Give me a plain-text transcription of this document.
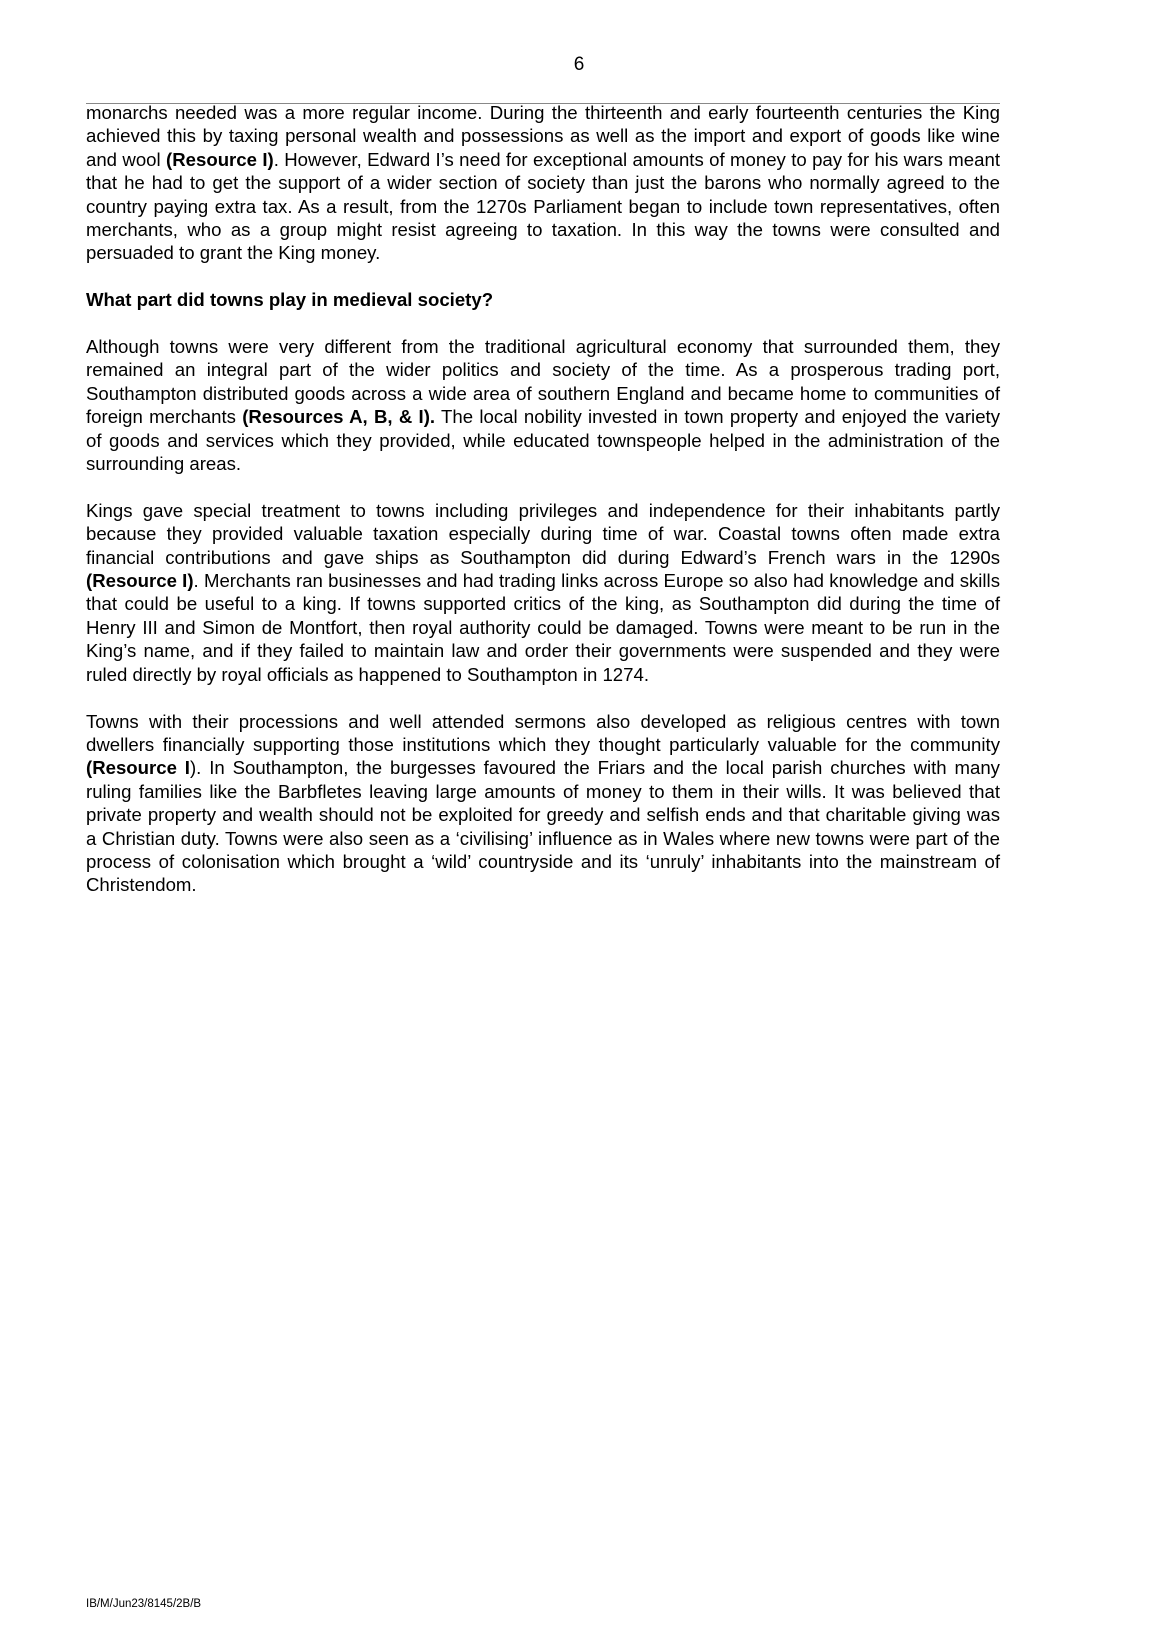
6

monarchs needed was a more regular income. During the thirteenth and early fourteenth centuries the King achieved this by taxing personal wealth and possessions as well as the import and export of goods like wine and wool (Resource I). However, Edward I’s need for exceptional amounts of money to pay for his wars meant that he had to get the support of a wider section of society than just the barons who normally agreed to the country paying extra tax. As a result, from the 1270s Parliament began to include town representatives, often merchants, who as a group might resist agreeing to taxation. In this way the towns were consulted and persuaded to grant the King money.

What part did towns play in medieval society?

Although towns were very different from the traditional agricultural economy that surrounded them, they remained an integral part of the wider politics and society of the time. As a prosperous trading port, Southampton distributed goods across a wide area of southern England and became home to communities of foreign merchants (Resources A, B, & I). The local nobility invested in town property and enjoyed the variety of goods and services which they provided, while educated townspeople helped in the administration of the surrounding areas.

Kings gave special treatment to towns including privileges and independence for their inhabitants partly because they provided valuable taxation especially during time of war. Coastal towns often made extra financial contributions and gave ships as Southampton did during Edward’s French wars in the 1290s (Resource I). Merchants ran businesses and had trading links across Europe so also had knowledge and skills that could be useful to a king. If towns supported critics of the king, as Southampton did during the time of Henry III and Simon de Montfort, then royal authority could be damaged. Towns were meant to be run in the King’s name, and if they failed to maintain law and order their governments were suspended and they were ruled directly by royal officials as happened to Southampton in 1274.

Towns with their processions and well attended sermons also developed as religious centres with town dwellers financially supporting those institutions which they thought particularly valuable for the community (Resource I). In Southampton, the burgesses favoured the Friars and the local parish churches with many ruling families like the Barbfletes leaving large amounts of money to them in their wills. It was believed that private property and wealth should not be exploited for greedy and selfish ends and that charitable giving was a Christian duty. Towns were also seen as a ‘civilising’ influence as in Wales where new towns were part of the process of colonisation which brought a ‘wild’ countryside and its ‘unruly’ inhabitants into the mainstream of Christendom.

IB/M/Jun23/8145/2B/B
